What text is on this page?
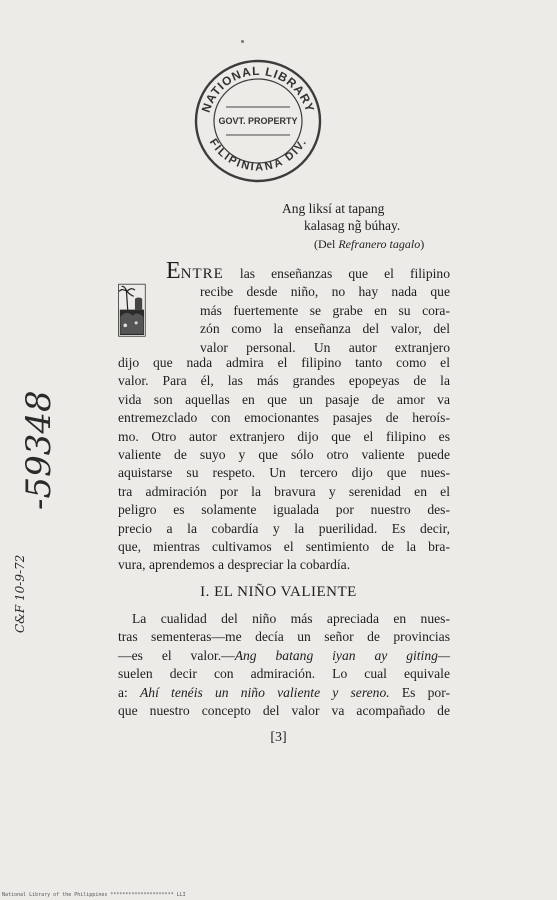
NATIONAL LIBRARY
GOVT. PROPERTY
FILIPINIANA DIV.
-59348
C&F 10-9-72
Ang liksí at tapang
kalasag ng̃ búhay.
(Del Refranero tagalo)
ENTRE las enseñanzas que el filipino
recibe desde niño, no hay nada que
más fuertemente se grabe en su cora-
zón como la enseñanza del valor, del
valor personal. Un autor extranjero
dijo que nada admira el filipino tanto como el
valor. Para él, las más grandes epopeyas de la
vida son aquellas en que un pasaje de amor va
entremezclado con emocionantes pasajes de heroís-
mo. Otro autor extranjero dijo que el filipino es
valiente de suyo y que sólo otro valiente puede
aquistarse su respeto. Un tercero dijo que nues-
tra admiración por la bravura y serenidad en el
peligro es solamente igualada por nuestro des-
precio a la cobardía y la puerilidad. Es decir,
que, mientras cultivamos el sentimiento de la bra-
vura, aprendemos a despreciar la cobardía.
I. EL NIÑO VALIENTE
La cualidad del niño más apreciada en nues-
tras sementeras—me decía un señor de provincias
—es el valor.—Ang batang iyan ay giting—
suelen decir con admiración. Lo cual equivale
a: Ahí tenéis un niño valiente y sereno. Es por-
que nuestro concepto del valor va acompañado de
[3]
National Library of the Philippines ********************* LLI
